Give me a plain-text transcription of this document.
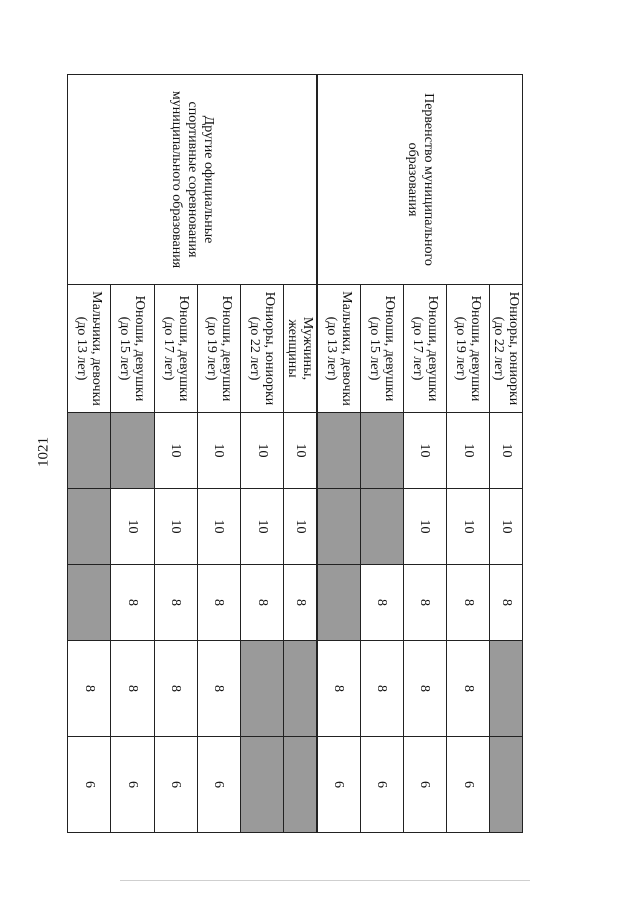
1021
Первенство муниципального образования	Юниоры, юниорки (до 22 лет)	10	10	8		
	Юноши, девушки (до 19 лет)	10	10	8	8	6
	Юноши, девушки (до 17 лет)	10	10	8	8	6
	Юноши, девушки (до 15 лет)			8	8	6
	Мальчики, девочки (до 13 лет)				8	6
Другие официальные спортивные соревнования муниципального образования	Мужчины, женщины	10	10	8		
	Юниоры, юниорки (до 22 лет)	10	10	8		
	Юноши, девушки (до 19 лет)	10	10	8	8	6
	Юноши, девушки (до 17 лет)	10	10	8	8	6
	Юноши, девушки (до 15 лет)		10	8	8	6
	Мальчики, девочки (до 13 лет)				8	6
